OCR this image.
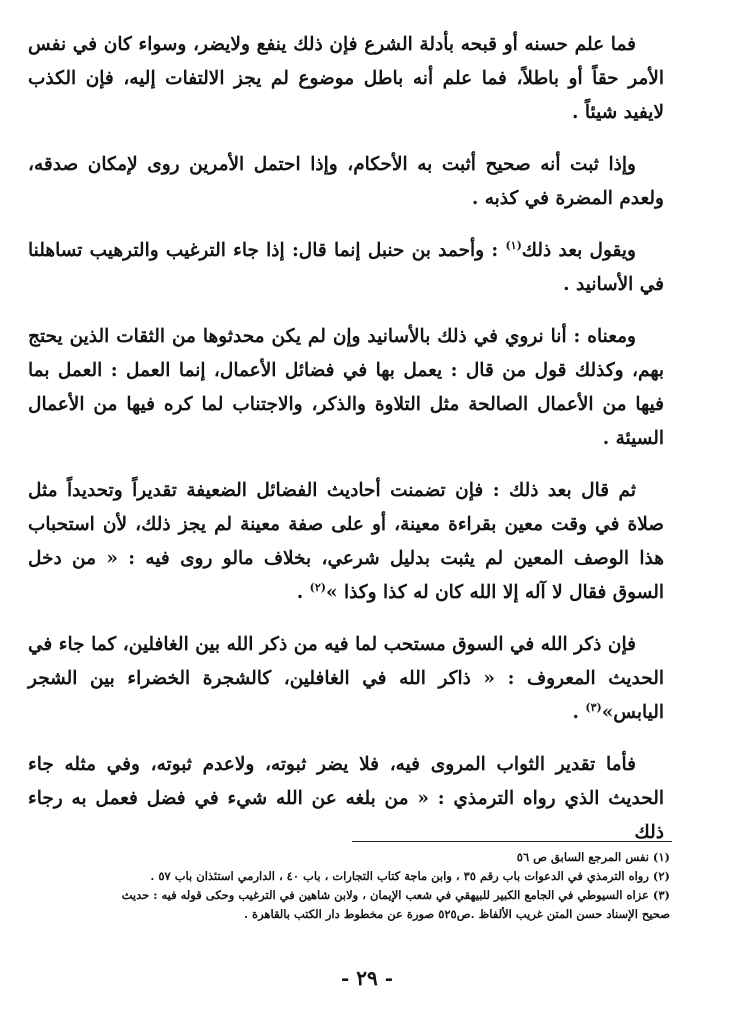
فما علم حسنه أو قبحه بأدلة الشرع فإن ذلك ينفع ولايضر، وسواء كان في نفس الأمر حقاً أو باطلاً، فما علم أنه باطل موضوع لم يجز الالتفات إليه، فإن الكذب لايفيد شيئاً .

وإذا ثبت أنه صحيح أثبت به الأحكام، وإذا احتمل الأمرين روى لإمكان صدقه، ولعدم المضرة في كذبه .

ويقول بعد ذلك$^{(١)}$ : وأحمد بن حنبل إنما قال: إذا جاء الترغيب والترهيب تساهلنا في الأسانيد .

ومعناه : أنا نروي في ذلك بالأسانيد وإن لم يكن محدثوها من الثقات الذين يحتج بهم، وكذلك قول من قال : يعمل بها في فضائل الأعمال، إنما العمل : العمل بما فيها من الأعمال الصالحة مثل التلاوة والذكر، والاجتناب لما كره فيها من الأعمال السيئة .

ثم قال بعد ذلك : فإن تضمنت أحاديث الفضائل الضعيفة تقديراً وتحديداً مثل صلاة في وقت معين بقراءة معينة، أو على صفة معينة لم يجز ذلك، لأن استحباب هذا الوصف المعين لم يثبت بدليل شرعي، بخلاف مالو روى فيه : « من دخل السوق فقال لا آله إلا الله كان له كذا وكذا »$^{(٢)}$ .

فإن ذكر الله في السوق مستحب لما فيه من ذكر الله بين الغافلين، كما جاء في الحديث المعروف : « ذاكر الله في الغافلين، كالشجرة الخضراء بين الشجر اليابس»$^{(٣)}$ .

فأما تقدير الثواب المروى فيه، فلا يضر ثبوته، ولاعدم ثبوته، وفي مثله جاء الحديث الذي رواه الترمذي : « من بلغه عن الله شيء في فضل فعمل به رجاء ذلك

(١) نفس المرجع السابق ص ٥٦

(٢) رواه الترمذي في الدعوات باب رقم ٣٥ ، وابن ماجة كتاب التجارات ، باب ٤٠ ، الدارمي استئذان باب ٥٧ .

(٣) عزاه السيوطي في الجامع الكبير للبيهقي في شعب الإيمان ، ولابن شاهين في الترغيب وحكى قوله فيه : حديث صحيح الإسناد حسن المتن غريب الألفاظ .ص٥٢٥ صورة عن مخطوط دار الكتب بالقاهرة .

- ٢٩ -
